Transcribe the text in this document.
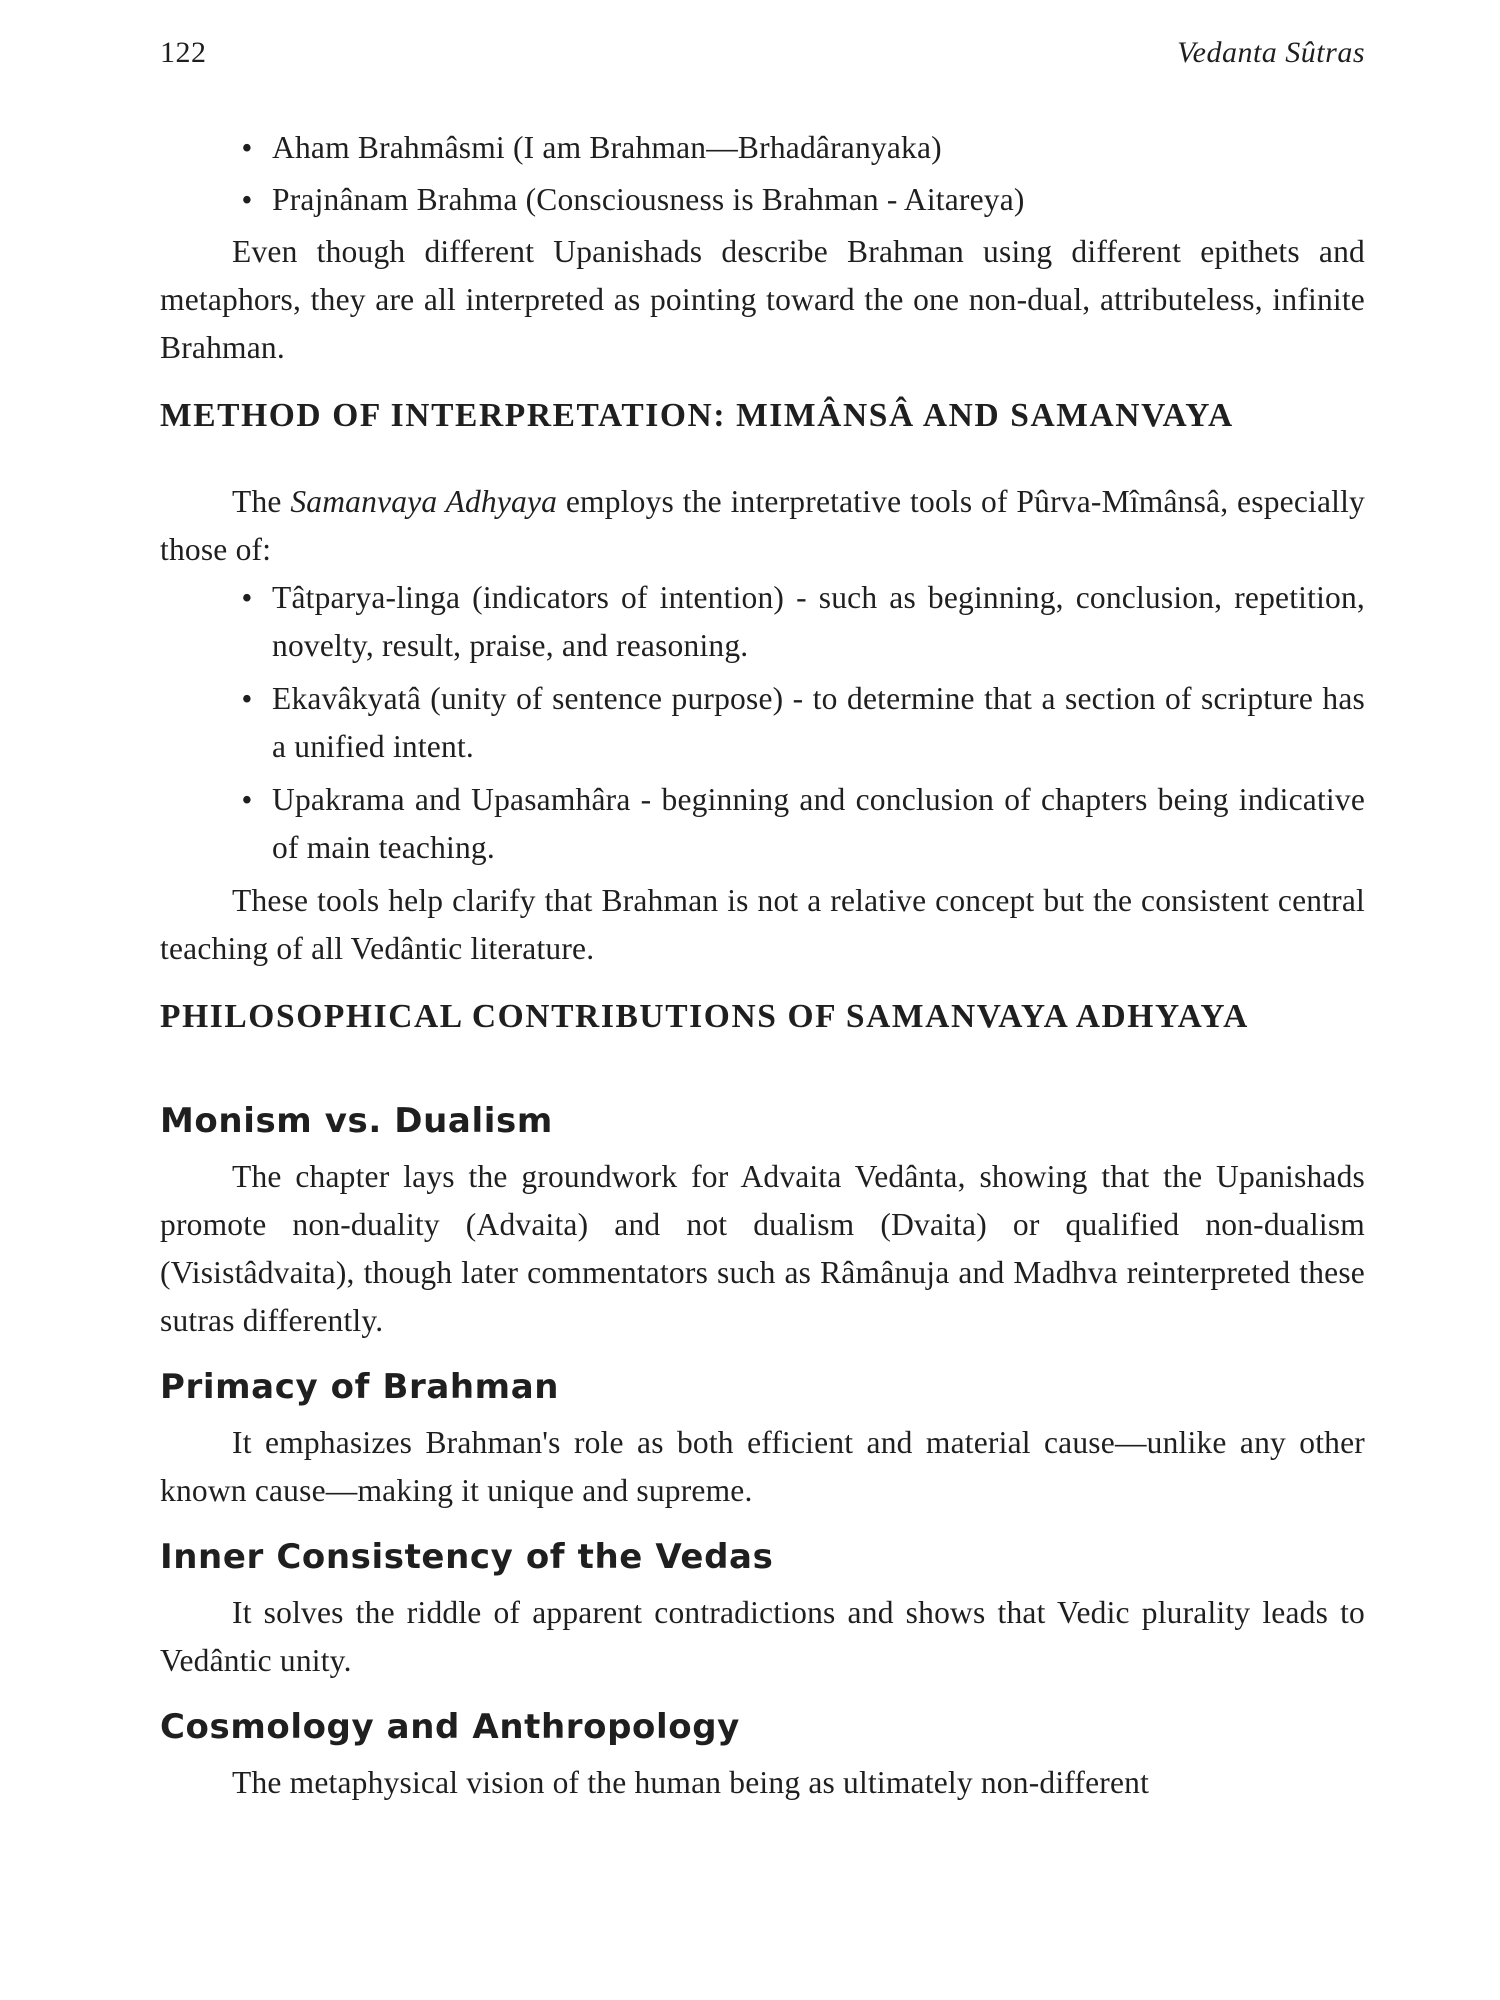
122	Vedanta Sûtras
• Aham Brahmâsmi (I am Brahman—Brhadâranyaka)
• Prajnânam Brahma (Consciousness is Brahman - Aitareya)

Even though different Upanishads describe Brahman using different epithets and metaphors, they are all interpreted as pointing toward the one non-dual, attributeless, infinite Brahman.

METHOD OF INTERPRETATION: MIMÂNSÂ AND SAMANVAYA

The Samanvaya Adhyaya employs the interpretative tools of Pûrva-Mîmânsâ, especially those of:

• Tâtparya-linga (indicators of intention) - such as beginning, conclusion, repetition, novelty, result, praise, and reasoning.
• Ekavâkyatâ (unity of sentence purpose) - to determine that a section of scripture has a unified intent.
• Upakrama and Upasamhâra - beginning and conclusion of chapters being indicative of main teaching.

These tools help clarify that Brahman is not a relative concept but the consistent central teaching of all Vedântic literature.

PHILOSOPHICAL CONTRIBUTIONS OF SAMANVAYA ADHYAYA
Monism vs. Dualism

The chapter lays the groundwork for Advaita Vedânta, showing that the Upanishads promote non-duality (Advaita) and not dualism (Dvaita) or qualified non-dualism (Visistâdvaita), though later commentators such as Râmânuja and Madhva reinterpreted these sutras differently.

Primacy of Brahman

It emphasizes Brahman's role as both efficient and material cause—unlike any other known cause—making it unique and supreme.

Inner Consistency of the Vedas

It solves the riddle of apparent contradictions and shows that Vedic plurality leads to Vedântic unity.

Cosmology and Anthropology

The metaphysical vision of the human being as ultimately non-different
